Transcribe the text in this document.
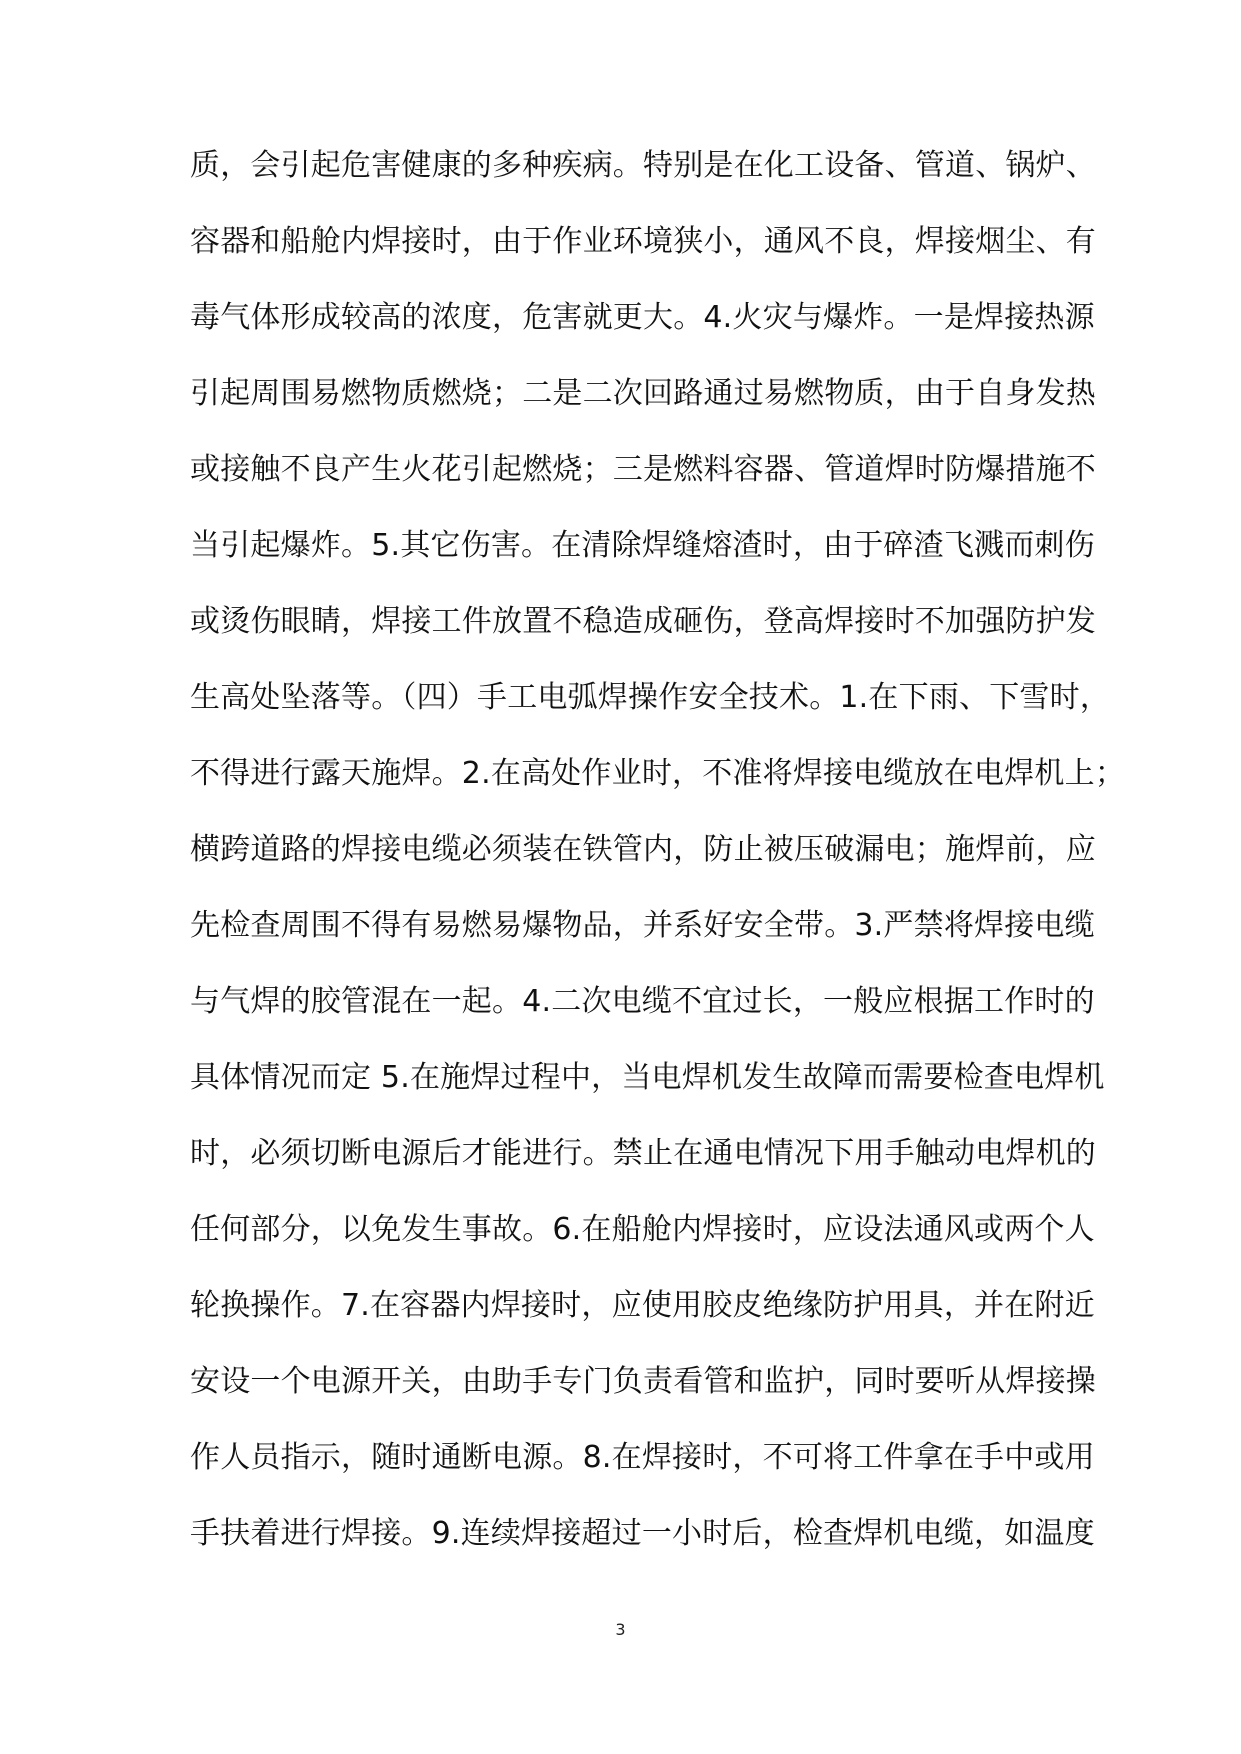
质，会引起危害健康的多种疾病。特别是在化工设备、管道、锅炉、
容器和船舱内焊接时，由于作业环境狭小，通风不良，焊接烟尘、有
毒气体形成较高的浓度，危害就更大。4.火灾与爆炸。一是焊接热源
引起周围易燃物质燃烧；二是二次回路通过易燃物质，由于自身发热
或接触不良产生火花引起燃烧；三是燃料容器、管道焊时防爆措施不
当引起爆炸。5.其它伤害。在清除焊缝熔渣时，由于碎渣飞溅而刺伤
或烫伤眼睛，焊接工件放置不稳造成砸伤，登高焊接时不加强防护发
生高处坠落等。（四）手工电弧焊操作安全技术。1.在下雨、下雪时，
不得进行露天施焊。2.在高处作业时，不准将焊接电缆放在电焊机上；
横跨道路的焊接电缆必须装在铁管内，防止被压破漏电；施焊前，应
先检查周围不得有易燃易爆物品，并系好安全带。3.严禁将焊接电缆
与气焊的胶管混在一起。4.二次电缆不宜过长，一般应根据工作时的
具体情况而定 5.在施焊过程中，当电焊机发生故障而需要检查电焊机
时，必须切断电源后才能进行。禁止在通电情况下用手触动电焊机的
任何部分，以免发生事故。6.在船舱内焊接时，应设法通风或两个人
轮换操作。7.在容器内焊接时，应使用胶皮绝缘防护用具，并在附近
安设一个电源开关，由助手专门负责看管和监护，同时要听从焊接操
作人员指示，随时通断电源。8.在焊接时，不可将工件拿在手中或用
手扶着进行焊接。9.连续焊接超过一小时后，检查焊机电缆，如温度
3
